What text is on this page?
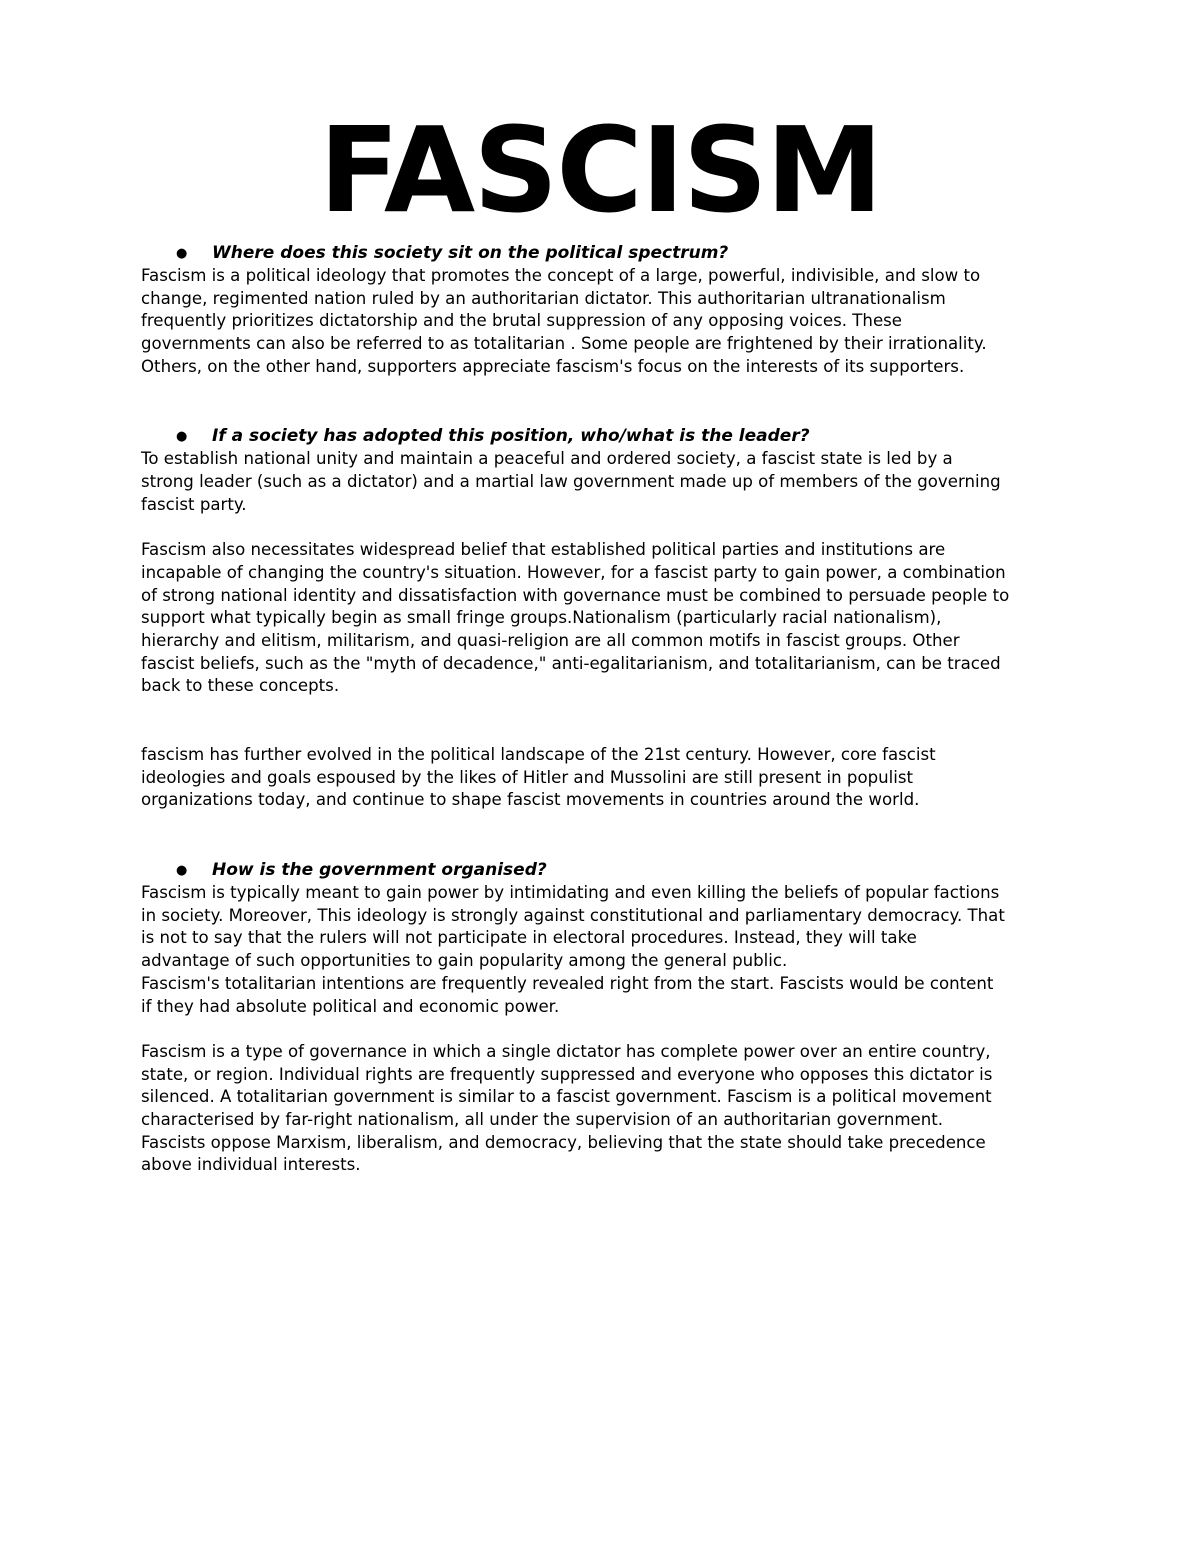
FASCISM
● Where does this society sit on the political spectrum?
Fascism is a political ideology that promotes the concept of a large, powerful, indivisible, and slow to
change, regimented nation ruled by an authoritarian dictator. This authoritarian ultranationalism
frequently prioritizes dictatorship and the brutal suppression of any opposing voices. These
governments can also be referred to as totalitarian . Some people are frightened by their irrationality.
Others, on the other hand, supporters appreciate fascism's focus on the interests of its supporters.
● If a society has adopted this position, who/what is the leader?
To establish national unity and maintain a peaceful and ordered society, a fascist state is led by a
strong leader (such as a dictator) and a martial law government made up of members of the governing
fascist party.
Fascism also necessitates widespread belief that established political parties and institutions are
incapable of changing the country's situation. However, for a fascist party to gain power, a combination
of strong national identity and dissatisfaction with governance must be combined to persuade people to
support what typically begin as small fringe groups.Nationalism (particularly racial nationalism),
hierarchy and elitism, militarism, and quasi-religion are all common motifs in fascist groups. Other
fascist beliefs, such as the "myth of decadence," anti-egalitarianism, and totalitarianism, can be traced
back to these concepts.
fascism has further evolved in the political landscape of the 21st century. However, core fascist
ideologies and goals espoused by the likes of Hitler and Mussolini are still present in populist
organizations today, and continue to shape fascist movements in countries around the world.
● How is the government organised?
Fascism is typically meant to gain power by intimidating and even killing the beliefs of popular factions
in society. Moreover, This ideology is strongly against constitutional and parliamentary democracy. That
is not to say that the rulers will not participate in electoral procedures. Instead, they will take
advantage of such opportunities to gain popularity among the general public.
Fascism's totalitarian intentions are frequently revealed right from the start. Fascists would be content
if they had absolute political and economic power.
Fascism is a type of governance in which a single dictator has complete power over an entire country,
state, or region. Individual rights are frequently suppressed and everyone who opposes this dictator is
silenced. A totalitarian government is similar to a fascist government. Fascism is a political movement
characterised by far-right nationalism, all under the supervision of an authoritarian government.
Fascists oppose Marxism, liberalism, and democracy, believing that the state should take precedence
above individual interests.
